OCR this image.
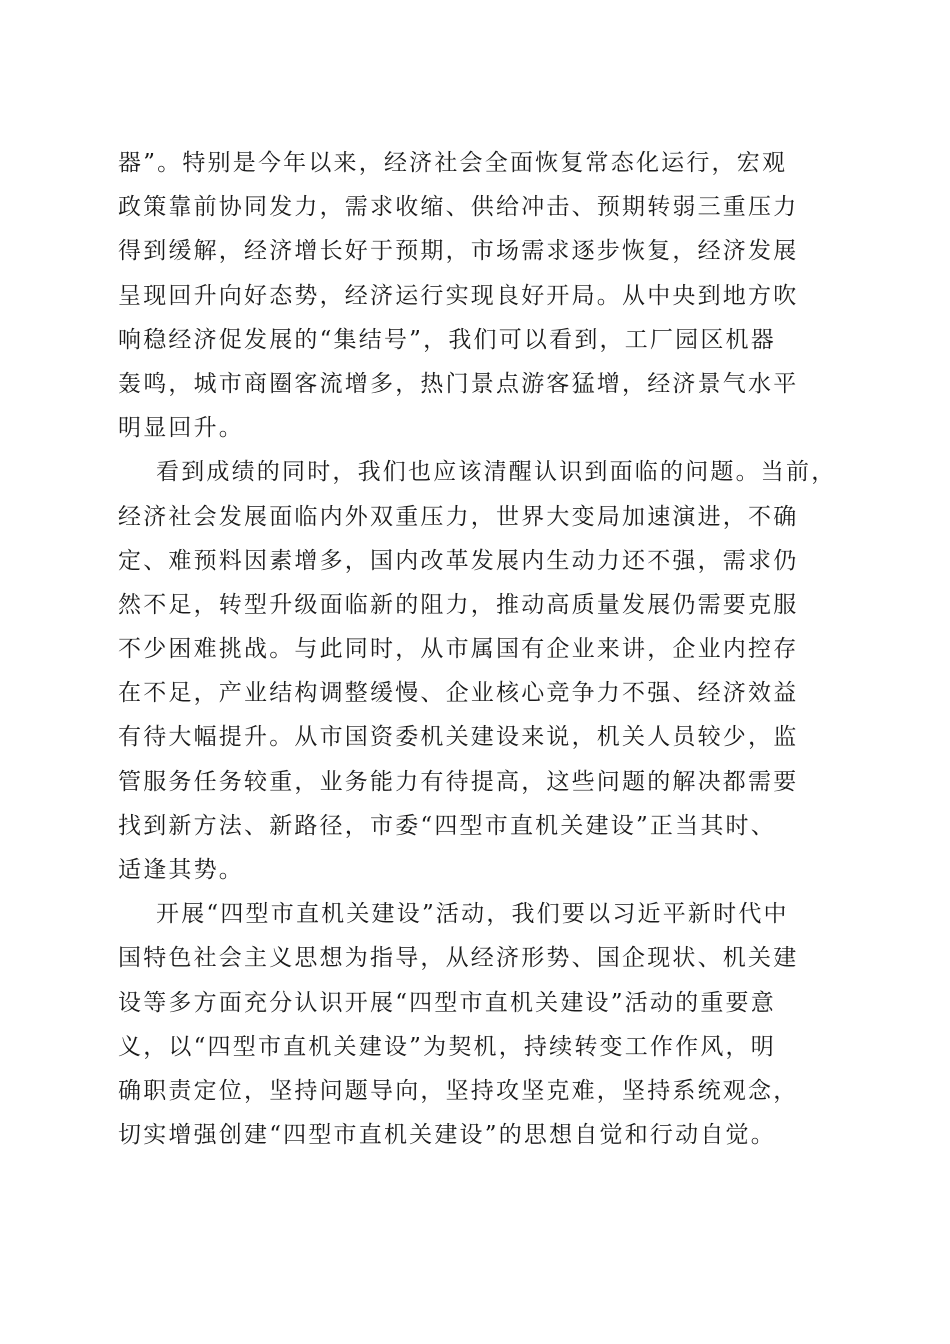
器”。特别是今年以来，经济社会全面恢复常态化运行，宏观
政策靠前协同发力，需求收缩、供给冲击、预期转弱三重压力
得到缓解，经济增长好于预期，市场需求逐步恢复，经济发展
呈现回升向好态势，经济运行实现良好开局。从中央到地方吹
响稳经济促发展的“集结号”，我们可以看到，工厂园区机器
轰鸣，城市商圈客流增多，热门景点游客猛增，经济景气水平
明显回升。
看到成绩的同时，我们也应该清醒认识到面临的问题。当前，
经济社会发展面临内外双重压力，世界大变局加速演进，不确
定、难预料因素增多，国内改革发展内生动力还不强，需求仍
然不足，转型升级面临新的阻力，推动高质量发展仍需要克服
不少困难挑战。与此同时，从市属国有企业来讲，企业内控存
在不足，产业结构调整缓慢、企业核心竞争力不强、经济效益
有待大幅提升。从市国资委机关建设来说，机关人员较少，监
管服务任务较重，业务能力有待提高，这些问题的解决都需要
找到新方法、新路径，市委“四型市直机关建设”正当其时、
适逢其势。
开展“四型市直机关建设”活动，我们要以习近平新时代中
国特色社会主义思想为指导，从经济形势、国企现状、机关建
设等多方面充分认识开展“四型市直机关建设”活动的重要意
义，以“四型市直机关建设”为契机，持续转变工作作风，明
确职责定位，坚持问题导向，坚持攻坚克难，坚持系统观念，
切实增强创建“四型市直机关建设”的思想自觉和行动自觉。
